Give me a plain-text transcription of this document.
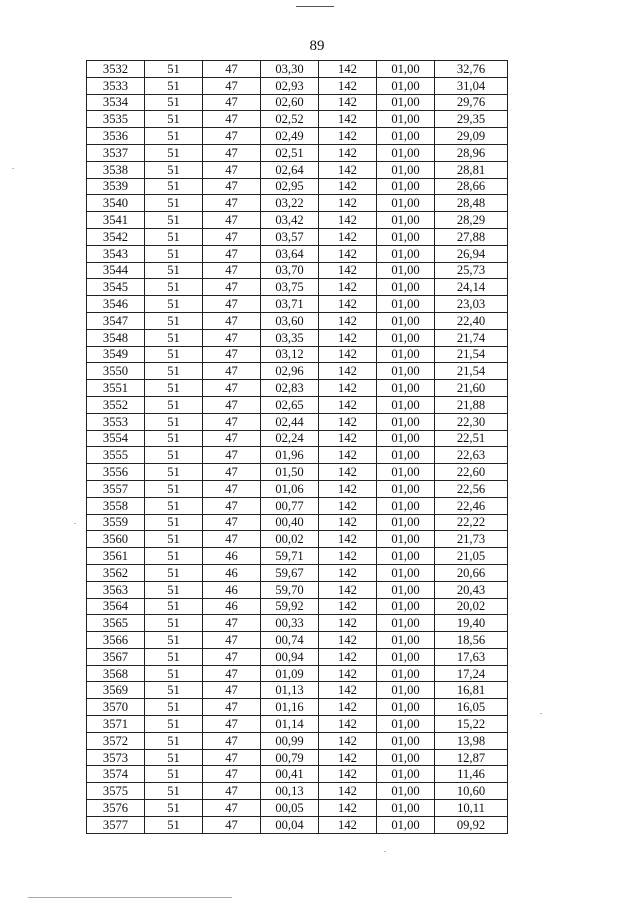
89
3532	51	47	03,30	142	01,00	32,76
3533	51	47	02,93	142	01,00	31,04
3534	51	47	02,60	142	01,00	29,76
3535	51	47	02,52	142	01,00	29,35
3536	51	47	02,49	142	01,00	29,09
3537	51	47	02,51	142	01,00	28,96
3538	51	47	02,64	142	01,00	28,81
3539	51	47	02,95	142	01,00	28,66
3540	51	47	03,22	142	01,00	28,48
3541	51	47	03,42	142	01,00	28,29
3542	51	47	03,57	142	01,00	27,88
3543	51	47	03,64	142	01,00	26,94
3544	51	47	03,70	142	01,00	25,73
3545	51	47	03,75	142	01,00	24,14
3546	51	47	03,71	142	01,00	23,03
3547	51	47	03,60	142	01,00	22,40
3548	51	47	03,35	142	01,00	21,74
3549	51	47	03,12	142	01,00	21,54
3550	51	47	02,96	142	01,00	21,54
3551	51	47	02,83	142	01,00	21,60
3552	51	47	02,65	142	01,00	21,88
3553	51	47	02,44	142	01,00	22,30
3554	51	47	02,24	142	01,00	22,51
3555	51	47	01,96	142	01,00	22,63
3556	51	47	01,50	142	01,00	22,60
3557	51	47	01,06	142	01,00	22,56
3558	51	47	00,77	142	01,00	22,46
3559	51	47	00,40	142	01,00	22,22
3560	51	47	00,02	142	01,00	21,73
3561	51	46	59,71	142	01,00	21,05
3562	51	46	59,67	142	01,00	20,66
3563	51	46	59,70	142	01,00	20,43
3564	51	46	59,92	142	01,00	20,02
3565	51	47	00,33	142	01,00	19,40
3566	51	47	00,74	142	01,00	18,56
3567	51	47	00,94	142	01,00	17,63
3568	51	47	01,09	142	01,00	17,24
3569	51	47	01,13	142	01,00	16,81
3570	51	47	01,16	142	01,00	16,05
3571	51	47	01,14	142	01,00	15,22
3572	51	47	00,99	142	01,00	13,98
3573	51	47	00,79	142	01,00	12,87
3574	51	47	00,41	142	01,00	11,46
3575	51	47	00,13	142	01,00	10,60
3576	51	47	00,05	142	01,00	10,11
3577	51	47	00,04	142	01,00	09,92
